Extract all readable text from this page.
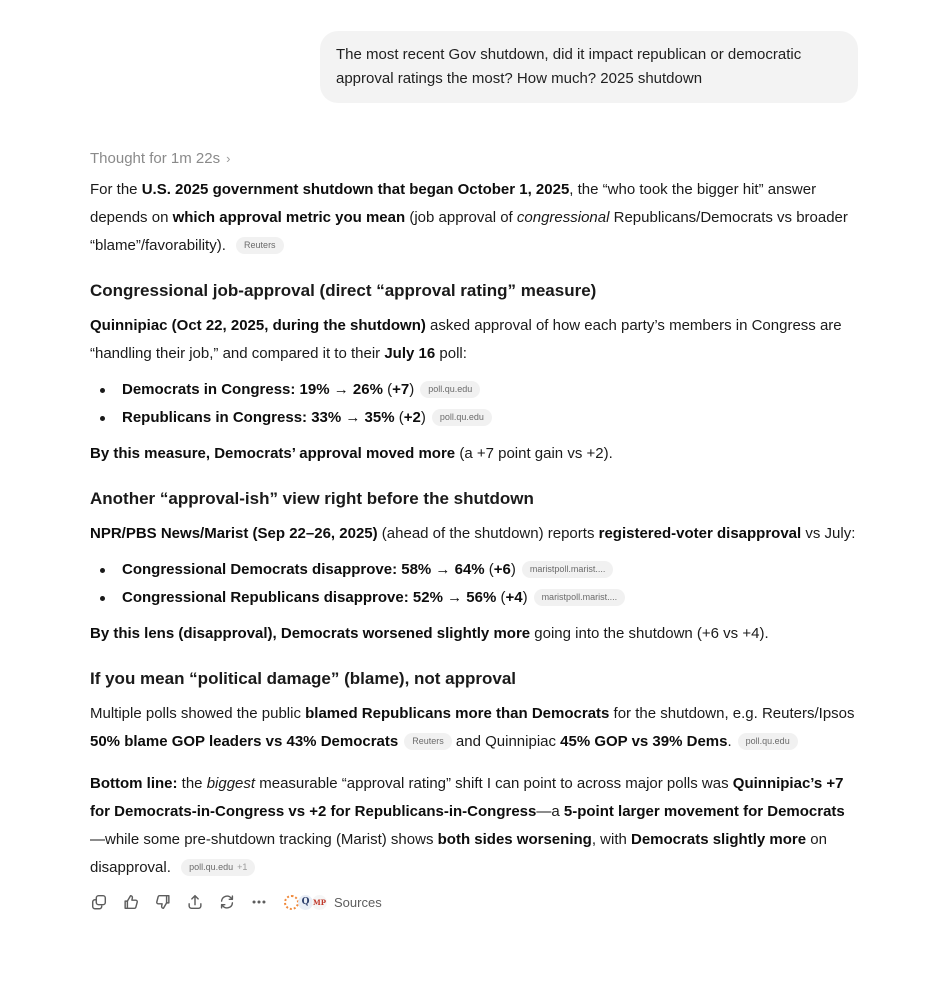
The most recent Gov shutdown, did it impact republican or democratic approval ratings the most? How much? 2025 shutdown
Thought for 1m 22s ›

For the U.S. 2025 government shutdown that began October 1, 2025, the “who took the bigger hit” answer depends on which approval metric you mean (job approval of congressional Republicans/Democrats vs broader “blame”/favorability). Reuters

Congressional job-approval (direct “approval rating” measure)

Quinnipiac (Oct 22, 2025, during the shutdown) asked approval of how each party’s members in Congress are “handling their job,” and compared it to their July 16 poll:

Democrats in Congress: 19% → 26% (+7) poll.qu.edu
Republicans in Congress: 33% → 35% (+2) poll.qu.edu

By this measure, Democrats’ approval moved more (a +7 point gain vs +2).

Another “approval-ish” view right before the shutdown

NPR/PBS News/Marist (Sep 22–26, 2025) (ahead of the shutdown) reports registered-voter disapproval vs July:

Congressional Democrats disapprove: 58% → 64% (+6) maristpoll.marist....
Congressional Republicans disapprove: 52% → 56% (+4) maristpoll.marist....

By this lens (disapproval), Democrats worsened slightly more going into the shutdown (+6 vs +4).

If you mean “political damage” (blame), not approval

Multiple polls showed the public blamed Republicans more than Democrats for the shutdown, e.g. Reuters/Ipsos 50% blame GOP leaders vs 43% Democrats Reuters and Quinnipiac 45% GOP vs 39% Dems. poll.qu.edu

Bottom line: the biggest measurable “approval rating” shift I can point to across major polls was Quinnipiac’s +7 for Democrats-in-Congress vs +2 for Republicans-in-Congress—a 5-point larger movement for Democrats—while some pre-shutdown tracking (Marist) shows both sides worsening, with Democrats slightly more on disapproval. poll.qu.edu +1

Q MP Sources
